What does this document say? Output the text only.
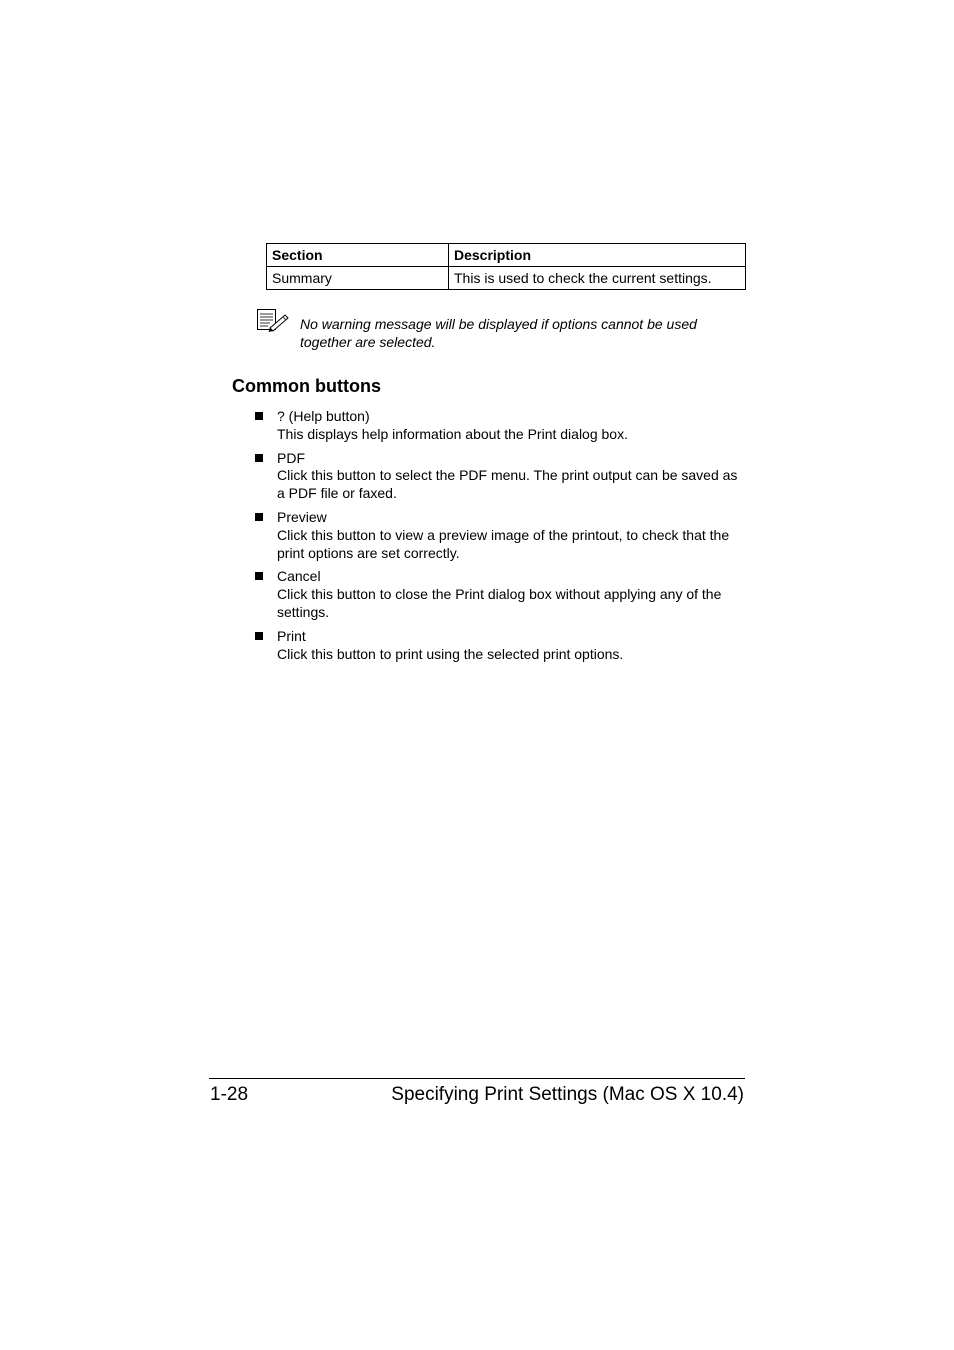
Section	Description
Summary	This is used to check the current settings.

No warning message will be displayed if options cannot be used together are selected.

Common buttons
? (Help button)
This displays help information about the Print dialog box.
PDF
Click this button to select the PDF menu. The print output can be saved as a PDF file or faxed.
Preview
Click this button to view a preview image of the printout, to check that the print options are set correctly.
Cancel
Click this button to close the Print dialog box without applying any of the settings.
Print
Click this button to print using the selected print options.
1-28	Specifying Print Settings (Mac OS X 10.4)
